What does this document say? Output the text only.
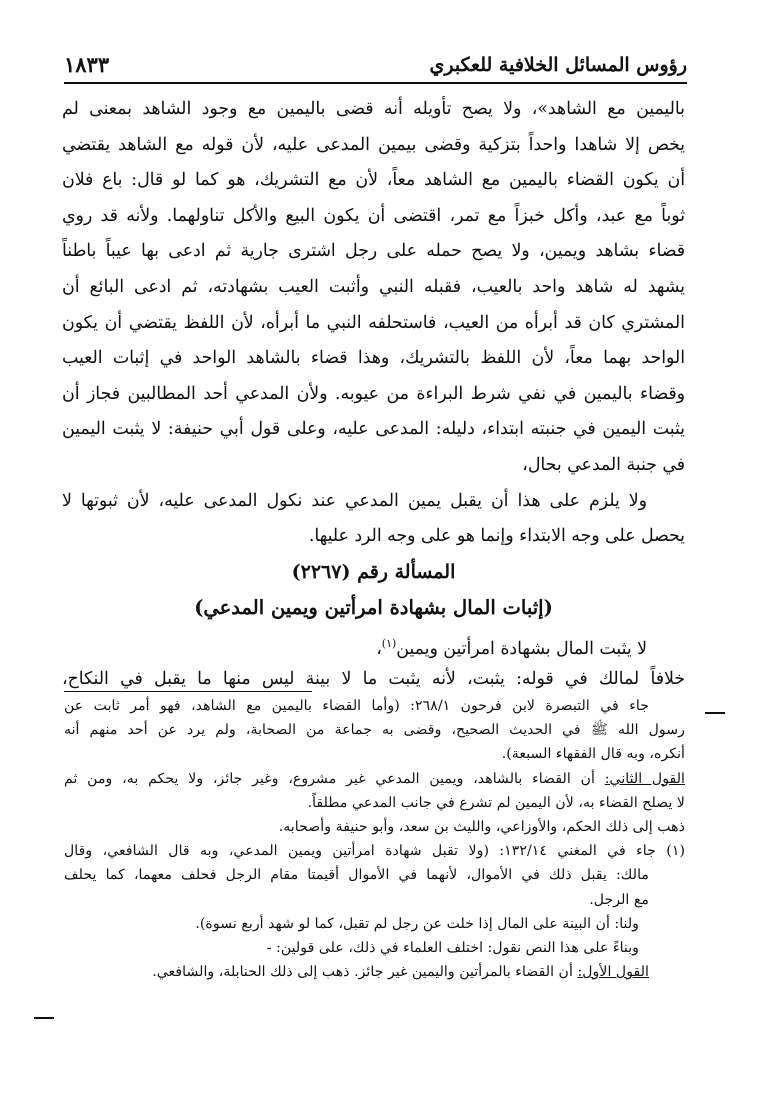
رؤوس المسائل الخلافية للعكبري
١٨٣٣
باليمين مع الشاهد»، ولا يصح تأويله أنه قضى باليمين مع وجود الشاهد بمعنى لم
يخص إلا شاهدا واحداً بتزكية وقضى بيمين المدعى عليه، لأن قوله مع الشاهد يقتضي
أن يكون القضاء باليمين مع الشاهد معاً، لأن مع التشريك، هو كما لو قال: باع فلان
ثوباً مع عبد، وأكل خبزاً مع تمر، اقتضى أن يكون البيع والأكل تناولهما. ولأنه قد روي
قضاء بشاهد ويمين، ولا يصح حمله على رجل اشترى جارية ثم ادعى بها عيباً باطناً
يشهد له شاهد واحد بالعيب، فقبله النبي وأثبت العيب بشهادته، ثم ادعى البائع أن
المشتري كان قد أبرأه من العيب، فاستحلفه النبي ما أبرأه، لأن اللفظ يقتضي أن يكون
الواحد بهما معاً، لأن اللفظ بالتشريك، وهذا قضاء بالشاهد الواحد في إثبات العيب
وقضاء باليمين في نفي شرط البراءة من عيوبه. ولأن المدعي أحد المطالبين فجاز أن
يثبت اليمين في جنبته ابتداء، دليله: المدعى عليه، وعلى قول أبي حنيفة: لا يثبت اليمين
في جنبة المدعي بحال،
ولا يلزم على هذا أن يقبل يمين المدعي عند نكول المدعى عليه، لأن ثبوتها لا
يحصل على وجه الابتداء وإنما هو على وجه الرد عليها.
المسألة رقم (٢٢٦٧)
(إثبات المال بشهادة امرأتين ويمين المدعي)
لا يثبت المال بشهادة امرأتين ويمين$^{(١)}$،
خلافاً لمالك في قوله: يثبت، لأنه يثبت ما لا بينة ليس منها ما يقبل في النكاح،
جاء في التبصرة لابن فرحون ٢٦٨/١: (وأما القضاء باليمين مع الشاهد، فهو أمر ثابت عن
رسول الله ﷺ في الحديث الصحيح، وقضى به جماعة من الصحابة، ولم يرد عن أحد منهم أنه
أنكره، وبه قال الفقهاء السبعة).
القول الثاني: أن القضاء بالشاهد، ويمين المدعي غير مشروع، وغير جائز، ولا يحكم به، ومن ثم
لا يصلح القضاء به، لأن اليمين لم تشرع في جانب المدعي مطلقاً.
ذهب إلى ذلك الحكم، والأوزاعي، والليث بن سعد، وأبو حنيفة وأصحابه.
(١) جاء في المغني ١٣٢/١٤: (ولا تقبل شهادة امرأتين ويمين المدعي، وبه قال الشافعي، وقال
مالك: يقبل ذلك في الأموال، لأنهما في الأموال أقيمتا مقام الرجل فحلف معهما، كما يحلف
مع الرجل.
ولنا: أن البينة على المال إذا خلت عن رجل لم تقبل، كما لو شهد أربع نسوة).
وبناءً على هذا النص نقول: اختلف العلماء في ذلك، على قولين: -
القول الأول: أن القضاء بالمرأتين واليمين غير جائز. ذهب إلى ذلك الحنابلة، والشافعي.
